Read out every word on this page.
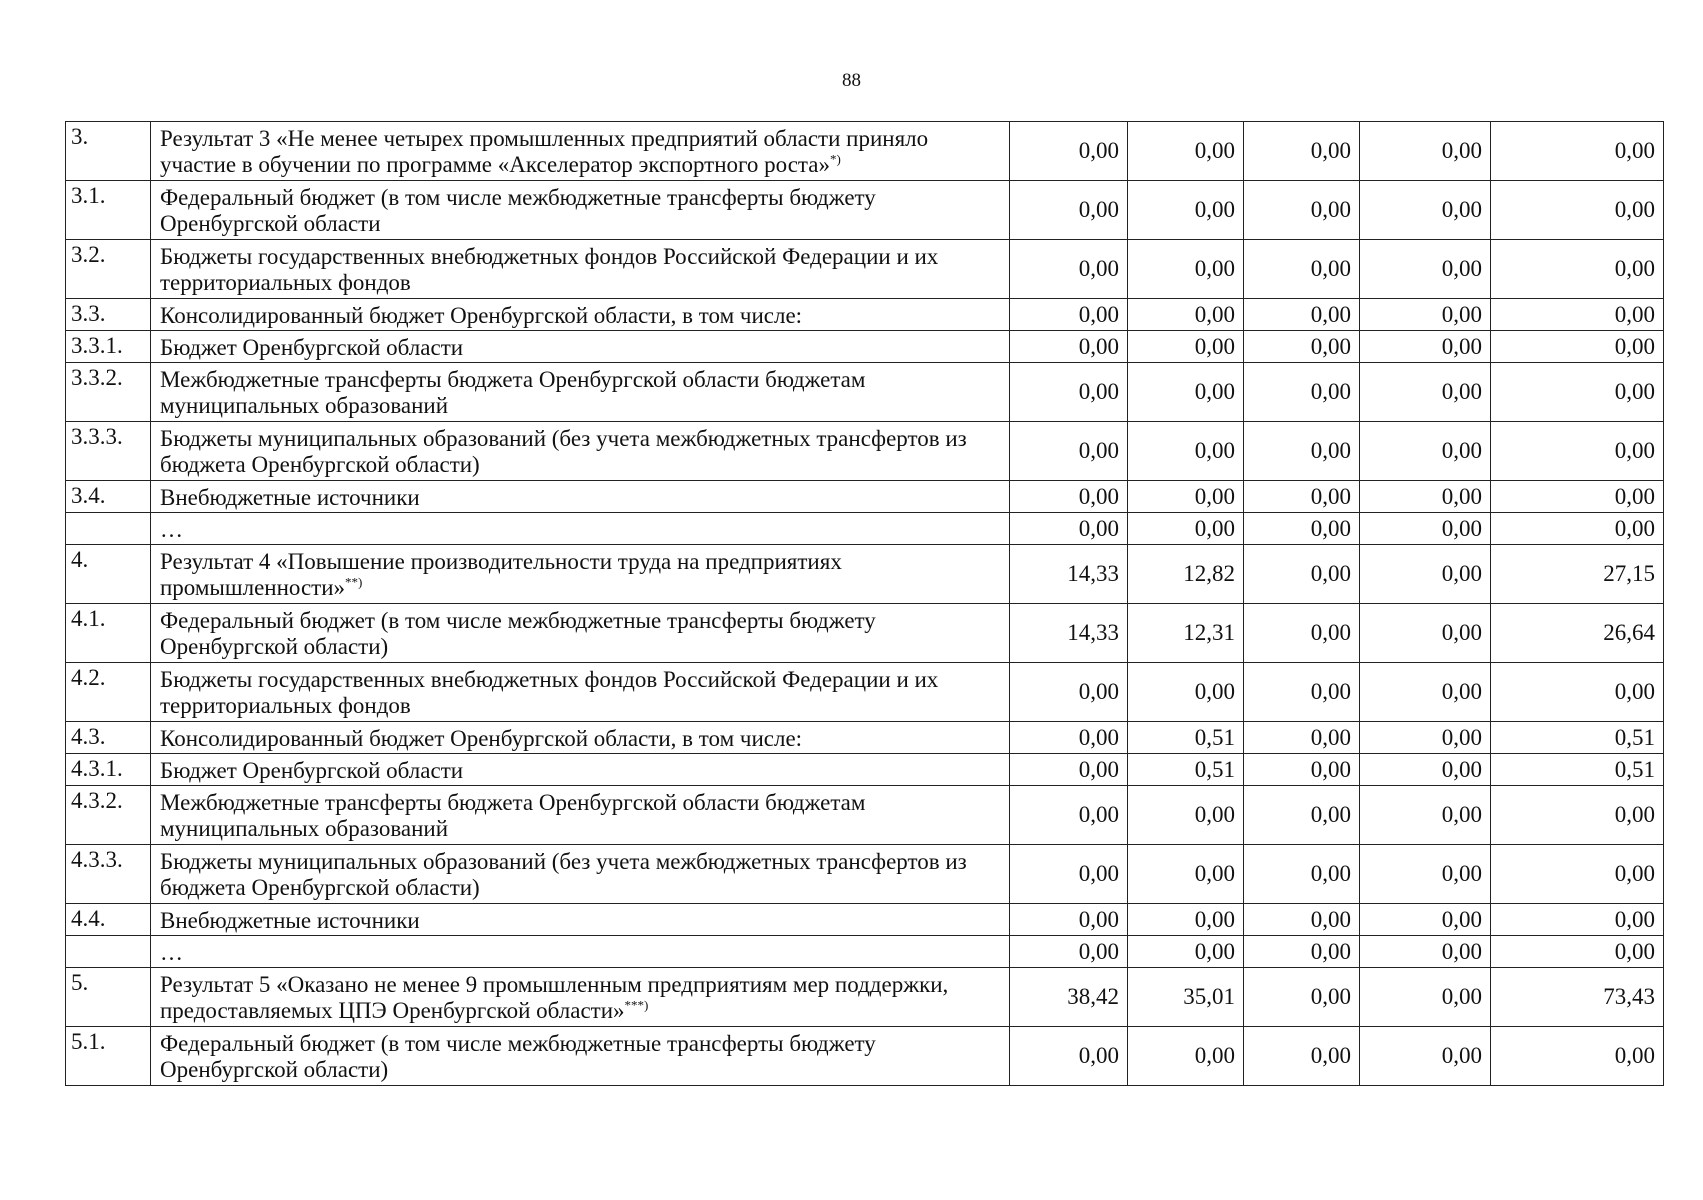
88
3.	Результат 3 «Не менее четырех промышленных предприятий области приняло участие в обучении по программе «Акселератор экспортного роста»*)	0,00	0,00	0,00	0,00	0,00
3.1.	Федеральный бюджет (в том числе межбюджетные трансферты бюджету Оренбургской области	0,00	0,00	0,00	0,00	0,00
3.2.	Бюджеты государственных внебюджетных фондов Российской Федерации и их территориальных фондов	0,00	0,00	0,00	0,00	0,00
3.3.	Консолидированный бюджет Оренбургской области, в том числе:	0,00	0,00	0,00	0,00	0,00
3.3.1.	Бюджет Оренбургской области	0,00	0,00	0,00	0,00	0,00
3.3.2.	Межбюджетные трансферты бюджета Оренбургской области бюджетам муниципальных образований	0,00	0,00	0,00	0,00	0,00
3.3.3.	Бюджеты муниципальных образований (без учета межбюджетных трансфертов из бюджета Оренбургской области)	0,00	0,00	0,00	0,00	0,00
3.4.	Внебюджетные источники	0,00	0,00	0,00	0,00	0,00
	…	0,00	0,00	0,00	0,00	0,00
4.	Результат 4 «Повышение производительности труда на предприятиях промышленности»**)	14,33	12,82	0,00	0,00	27,15
4.1.	Федеральный бюджет (в том числе межбюджетные трансферты бюджету Оренбургской области)	14,33	12,31	0,00	0,00	26,64
4.2.	Бюджеты государственных внебюджетных фондов Российской Федерации и их территориальных фондов	0,00	0,00	0,00	0,00	0,00
4.3.	Консолидированный бюджет Оренбургской области, в том числе:	0,00	0,51	0,00	0,00	0,51
4.3.1.	Бюджет Оренбургской области	0,00	0,51	0,00	0,00	0,51
4.3.2.	Межбюджетные трансферты бюджета Оренбургской области бюджетам муниципальных образований	0,00	0,00	0,00	0,00	0,00
4.3.3.	Бюджеты муниципальных образований (без учета межбюджетных трансфертов из бюджета Оренбургской области)	0,00	0,00	0,00	0,00	0,00
4.4.	Внебюджетные источники	0,00	0,00	0,00	0,00	0,00
	…	0,00	0,00	0,00	0,00	0,00
5.	Результат 5 «Оказано не менее 9 промышленным предприятиям мер поддержки, предоставляемых ЦПЭ Оренбургской области»***)	38,42	35,01	0,00	0,00	73,43
5.1.	Федеральный бюджет (в том числе межбюджетные трансферты бюджету Оренбургской области)	0,00	0,00	0,00	0,00	0,00
